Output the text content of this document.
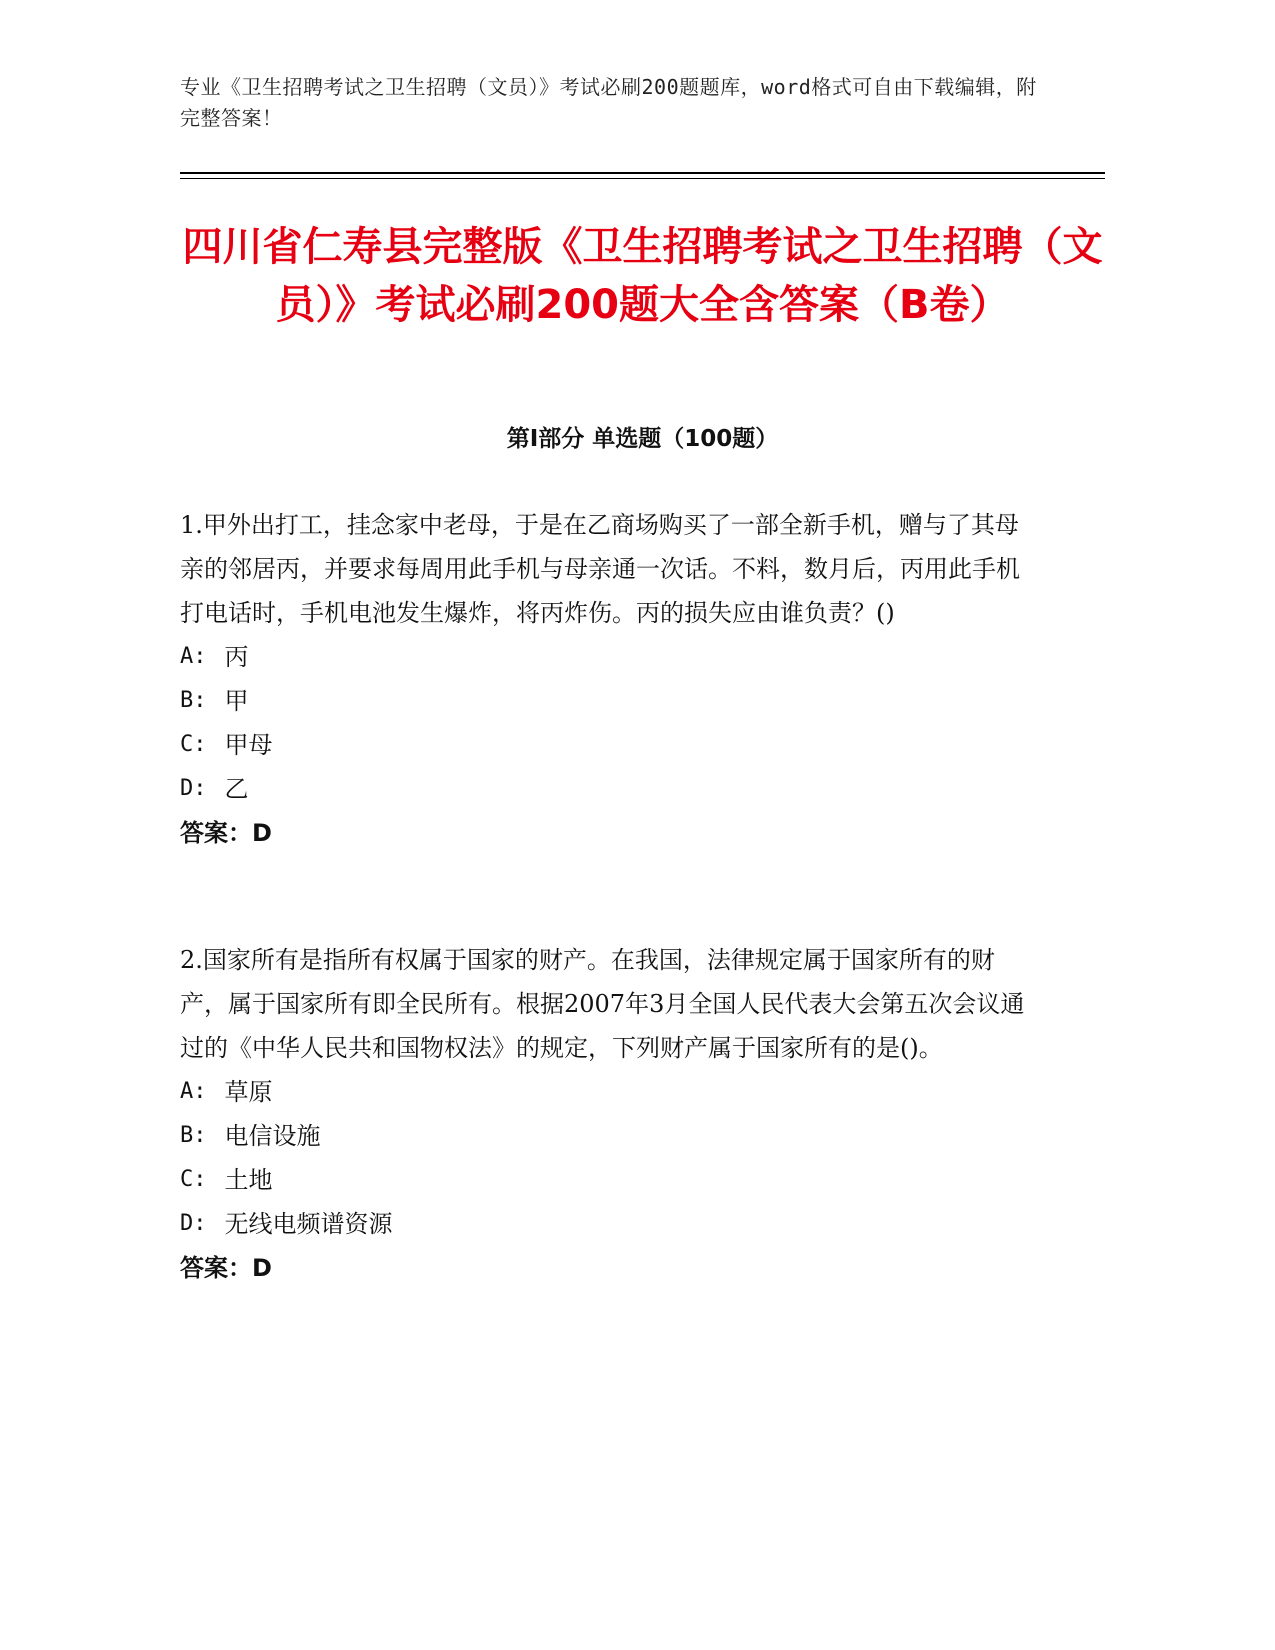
专业《卫生招聘考试之卫生招聘（文员）》考试必刷200题题库，word格式可自由下载编辑，附完整答案！
四川省仁寿县完整版《卫生招聘考试之卫生招聘（文员）》考试必刷200题大全含答案（B卷）
第Ⅰ部分 单选题（100题）

1.甲外出打工，挂念家中老母，于是在乙商场购买了一部全新手机，赠与了其母亲的邻居丙，并要求每周用此手机与母亲通一次话。不料，数月后，丙用此手机打电话时，手机电池发生爆炸，将丙炸伤。丙的损失应由谁负责？()

A: 丙
B: 甲
C: 甲母
D: 乙
答案：D

2.国家所有是指所有权属于国家的财产。在我国，法律规定属于国家所有的财产，属于国家所有即全民所有。根据2007年3月全国人民代表大会第五次会议通过的《中华人民共和国物权法》的规定，下列财产属于国家所有的是()。

A: 草原
B: 电信设施
C: 土地
D: 无线电频谱资源
答案：D
